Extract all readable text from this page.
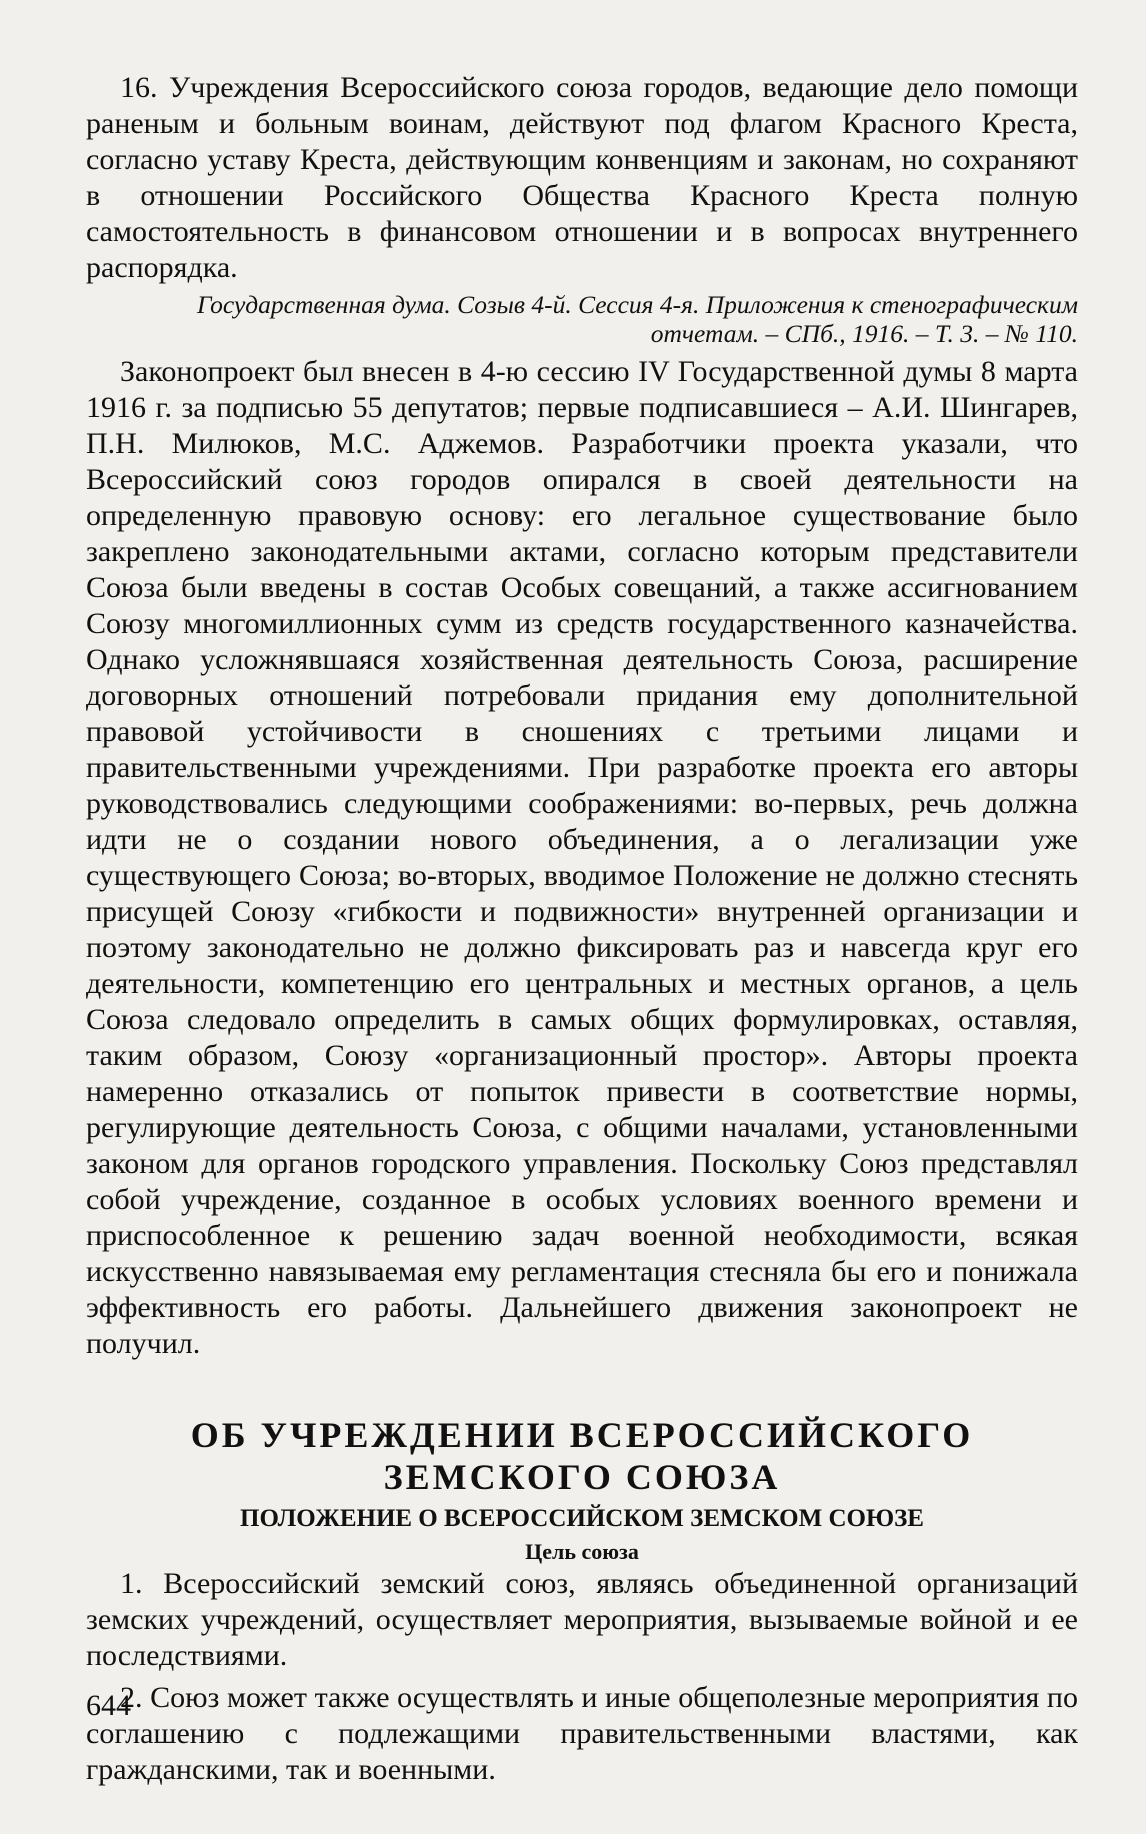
16. Учреждения Всероссийского союза городов, ведающие дело помощи раненым и больным воинам, действуют под флагом Красного Креста, согласно уставу Креста, действующим конвенциям и законам, но сохраняют в отношении Российского Общества Красного Креста полную самостоятельность в финансовом отношении и в вопросах внутреннего распорядка.

Государственная дума. Созыв 4-й. Сессия 4-я. Приложения к стенографическим
отчетам. – СПб., 1916. – Т. 3. – № 110.

Законопроект был внесен в 4-ю сессию IV Государственной думы 8 марта 1916 г. за подписью 55 депутатов; первые подписавшиеся – А.И. Шингарев, П.Н. Милюков, М.С. Аджемов. Разработчики проекта указали, что Всероссийский союз городов опирался в своей деятельности на определенную правовую основу: его легальное существование было закреплено законодательными актами, согласно которым представители Союза были введены в состав Особых совещаний, а также ассигнованием Союзу многомиллионных сумм из средств государственного казначейства. Однако усложнявшаяся хозяйственная деятельность Союза, расширение договорных отношений потребовали придания ему дополнительной правовой устойчивости в сношениях с третьими лицами и правительственными учреждениями. При разработке проекта его авторы руководствовались следующими соображениями: во-первых, речь должна идти не о создании нового объединения, а о легализации уже существующего Союза; во-вторых, вводимое Положение не должно стеснять присущей Союзу «гибкости и подвижности» внутренней организации и поэтому законодательно не должно фиксировать раз и навсегда круг его деятельности, компетенцию его центральных и местных органов, а цель Союза следовало определить в самых общих формулировках, оставляя, таким образом, Союзу «организационный простор». Авторы проекта намеренно отказались от попыток привести в соответствие нормы, регулирующие деятельность Союза, с общими началами, установленными законом для органов городского управления. Поскольку Союз представлял собой учреждение, созданное в особых условиях военного времени и приспособленное к решению задач военной необходимости, всякая искусственно навязываемая ему регламентация стесняла бы его и понижала эффективность его работы. Дальнейшего движения законопроект не получил.

ОБ УЧРЕЖДЕНИИ ВСЕРОССИЙСКОГО ЗЕМСКОГО СОЮЗА
ПОЛОЖЕНИЕ О ВСЕРОССИЙСКОМ ЗЕМСКОМ СОЮЗЕ
Цель союза

1. Всероссийский земский союз, являясь объединенной организаций земских учреждений, осуществляет мероприятия, вызываемые войной и ее последствиями.

2. Союз может также осуществлять и иные общеполезные мероприятия по соглашению с подлежащими правительственными властями, как гражданскими, так и военными.

644
